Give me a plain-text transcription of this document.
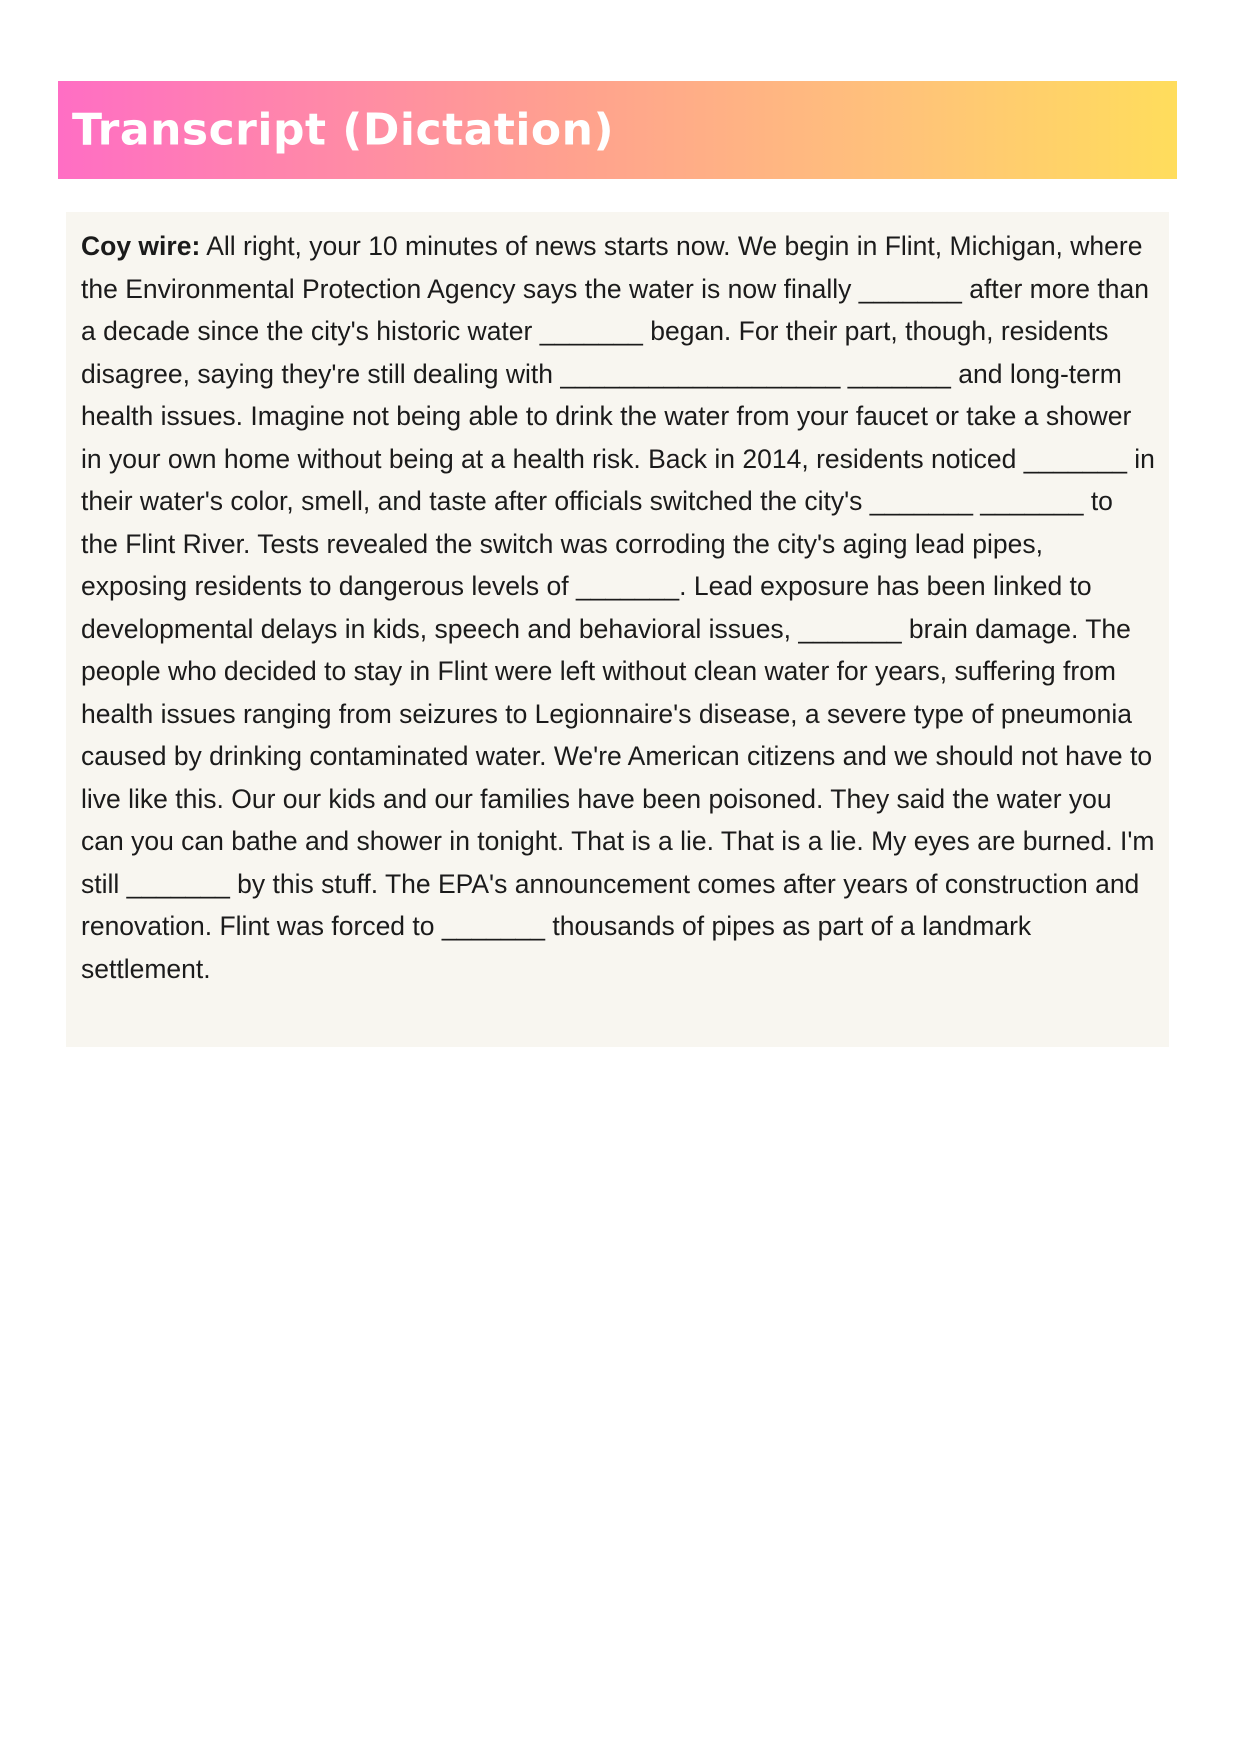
Transcript (Dictation)

Coy wire: All right, your 10 minutes of news starts now. We begin in Flint, Michigan, where the Environmental Protection Agency says the water is now finally _______ after more than a decade since the city's historic water _______ began. For their part, though, residents disagree, saying they're still dealing with ___________________ _______ and long-term health issues. Imagine not being able to drink the water from your faucet or take a shower in your own home without being at a health risk. Back in 2014, residents noticed _______ in their water's color, smell, and taste after officials switched the city's _______ _______ to the Flint River. Tests revealed the switch was corroding the city's aging lead pipes, exposing residents to dangerous levels of _______. Lead exposure has been linked to developmental delays in kids, speech and behavioral issues, _______ brain damage. The people who decided to stay in Flint were left without clean water for years, suffering from health issues ranging from seizures to Legionnaire's disease, a severe type of pneumonia caused by drinking contaminated water. We're American citizens and we should not have to live like this. Our our kids and our families have been poisoned. They said the water you can you can bathe and shower in tonight. That is a lie. That is a lie. My eyes are burned. I'm still _______ by this stuff. The EPA's announcement comes after years of construction and renovation. Flint was forced to _______ thousands of pipes as part of a landmark settlement.
